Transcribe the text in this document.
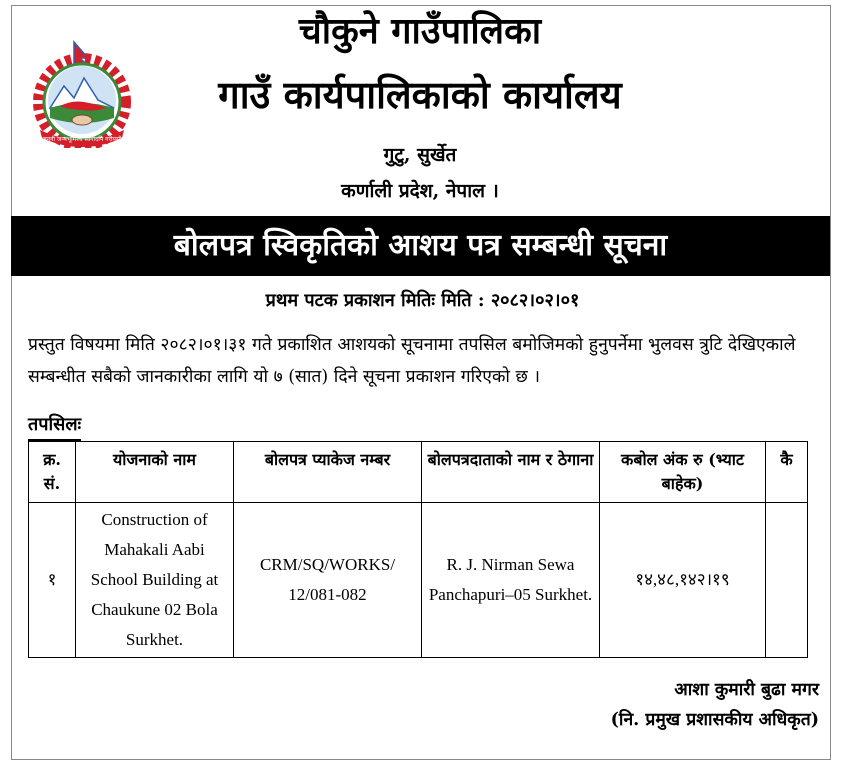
जननी जन्मभूमिश्च स्वर्गादपि गरीयसी
चौकुने गाउँपालिका
गाउँ कार्यपालिकाको कार्यालय
गुटु, सुर्खेत
कर्णाली प्रदेश, नेपाल ।
बोलपत्र स्विकृतिको आशय पत्र सम्बन्धी सूचना
प्रथम पटक प्रकाशन मितिः मिति : २०८२।०२।०१
प्रस्तुत विषयमा मिति २०८२।०१।३१ गते प्रकाशित आशयको सूचनामा तपसिल बमोजिमको हुनुपर्नेमा भुलवस त्रुटि देखिएकाले सम्बन्धीत सबैको जानकारीका लागि यो ७ (सात) दिने सूचना प्रकाशन गरिएको छ ।
तपसिलः
क्र. सं.	योजनाको नाम	बोलपत्र प्याकेज नम्बर	बोलपत्रदाताको नाम र ठेगाना	कबोल अंक रु (भ्याट बाहेक)	कै
१	Construction of Mahakali Aabi School Building at Chaukune 02 Bola Surkhet.	CRM/SQ/WORKS/ 12/081-082	R. J. Nirman Sewa Panchapuri–05 Surkhet.	१४,४८,१४२।१९	
आशा कुमारी बुढा मगर
(नि. प्रमुख प्रशासकीय अधिकृत)
